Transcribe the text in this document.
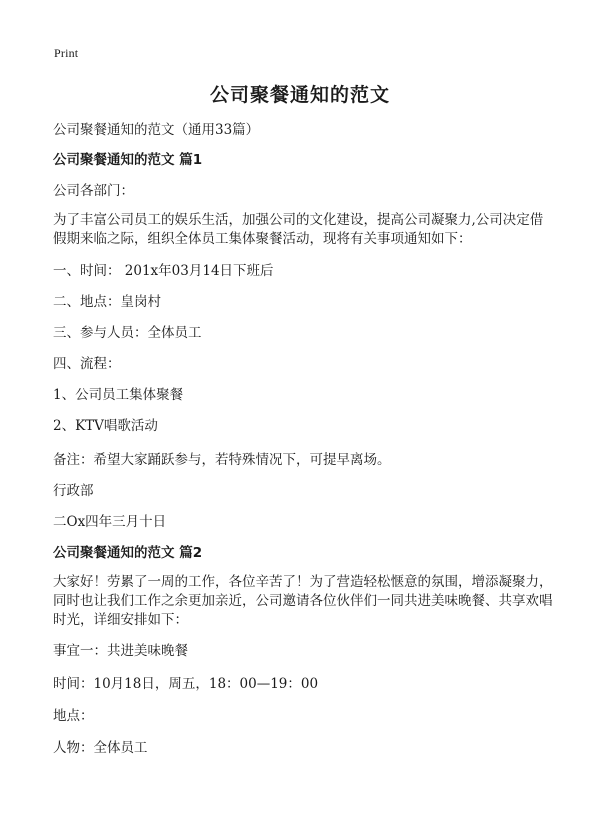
Print
公司聚餐通知的范文
公司聚餐通知的范文（通用33篇）
公司聚餐通知的范文 篇1
公司各部门：
为了丰富公司员工的娱乐生活，加强公司的文化建设，提高公司凝聚力,公司决定借假期来临之际，组织全体员工集体聚餐活动，现将有关事项通知如下：
一、时间： 201x年03月14日下班后
二、地点：皇岗村
三、参与人员：全体员工
四、流程：
1、公司员工集体聚餐
2、KTV唱歌活动
备注：希望大家踊跃参与，若特殊情况下，可提早离场。
行政部
二Ox四年三月十日
公司聚餐通知的范文 篇2
大家好！劳累了一周的工作，各位辛苦了！为了营造轻松惬意的氛围，增添凝聚力，同时也让我们工作之余更加亲近，公司邀请各位伙伴们一同共进美味晚餐、共享欢唱时光，详细安排如下：
事宜一：共进美味晚餐
时间：10月18日，周五，18：00—19：00
地点：
人物：全体员工
